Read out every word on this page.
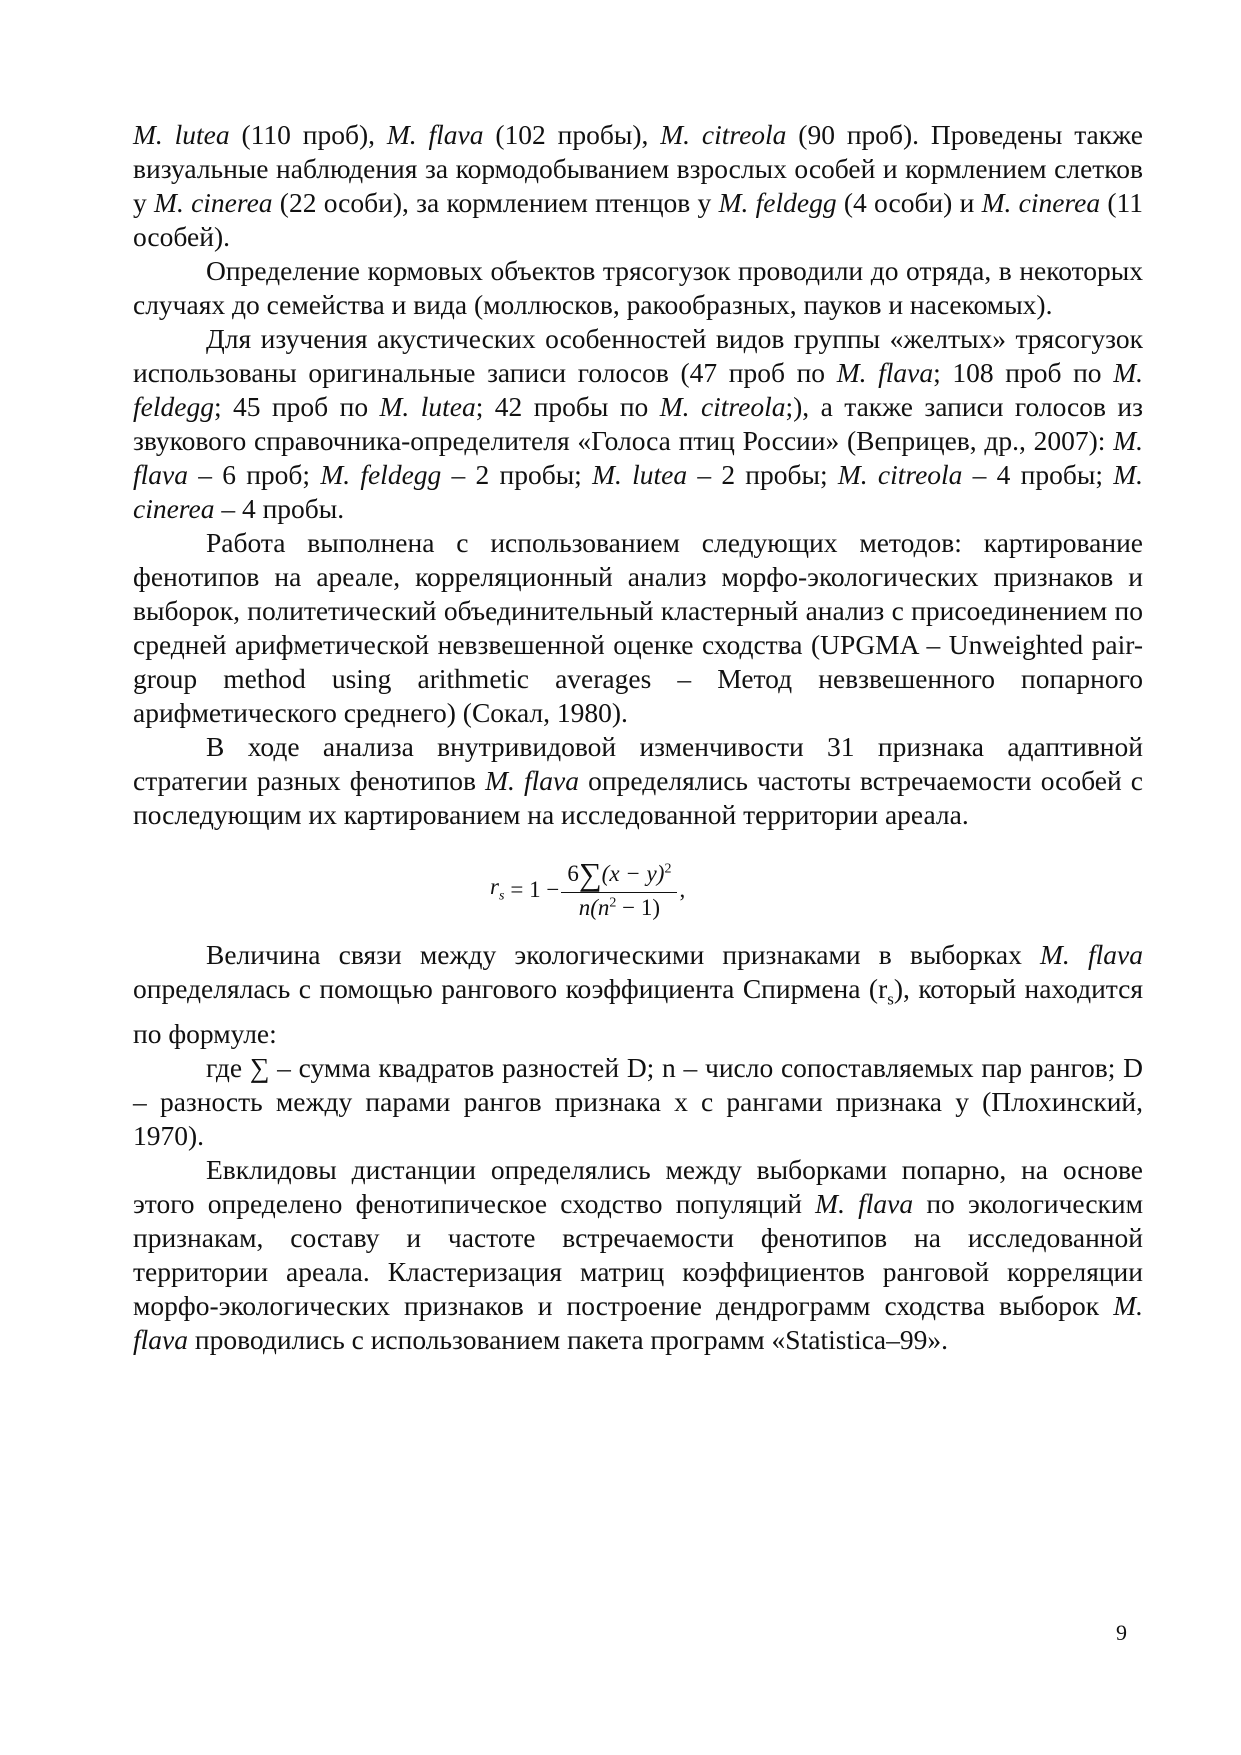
M. lutea (110 проб), M. flava (102 пробы), M. citreola (90 проб). Проведены также визуальные наблюдения за кормодобыванием взрослых особей и кормлением слетков у M. cinerea (22 особи), за кормлением птенцов у M. feldegg (4 особи) и M. cinerea (11 особей).

Определение кормовых объектов трясогузок проводили до отряда, в некоторых случаях до семейства и вида (моллюсков, ракообразных, пауков и насекомых).

Для изучения акустических особенностей видов группы «желтых» трясогузок использованы оригинальные записи голосов (47 проб по M. flava; 108 проб по M. feldegg; 45 проб по M. lutea; 42 пробы по M. citreola;), а также записи голосов из звукового справочника-определителя «Голоса птиц России» (Веприцев, др., 2007): M. flava – 6 проб; M. feldegg – 2 пробы; M. lutea – 2 пробы; M. citreola – 4 пробы; M. cinerea – 4 пробы.

Работа выполнена с использованием следующих методов: картирование фенотипов на ареале, корреляционный анализ морфо-экологических признаков и выборок, политетический объединительный кластерный анализ с присоединением по средней арифметической невзвешенной оценке сходства (UPGMA – Unweighted pair-group method using arithmetic averages – Метод невзвешенного попарного арифметического среднего) (Сокал, 1980).

В ходе анализа внутривидовой изменчивости 31 признака адаптивной стратегии разных фенотипов M. flava определялись частоты встречаемости особей с последующим их картированием на исследованной территории ареала.

$r_s = 1 - \frac{6\sum(x - y)^2}{n(n^2 - 1)}$ ,

Величина связи между экологическими признаками в выборках M. flava определялась с помощью рангового коэффициента Спирмена $(r_s)$, который находится по формуле:

где ∑ – сумма квадратов разностей D; n – число сопоставляемых пар рангов; D – разность между парами рангов признака x с рангами признака y (Плохинский, 1970).

Евклидовы дистанции определялись между выборками попарно, на основе этого определено фенотипическое сходство популяций M. flava по экологическим признакам, составу и частоте встречаемости фенотипов на исследованной территории ареала. Кластеризация матриц коэффициентов ранговой корреляции морфо-экологических признаков и построение дендрограмм сходства выборок M. flava проводились с использованием пакета программ «Statistica–99».

9
